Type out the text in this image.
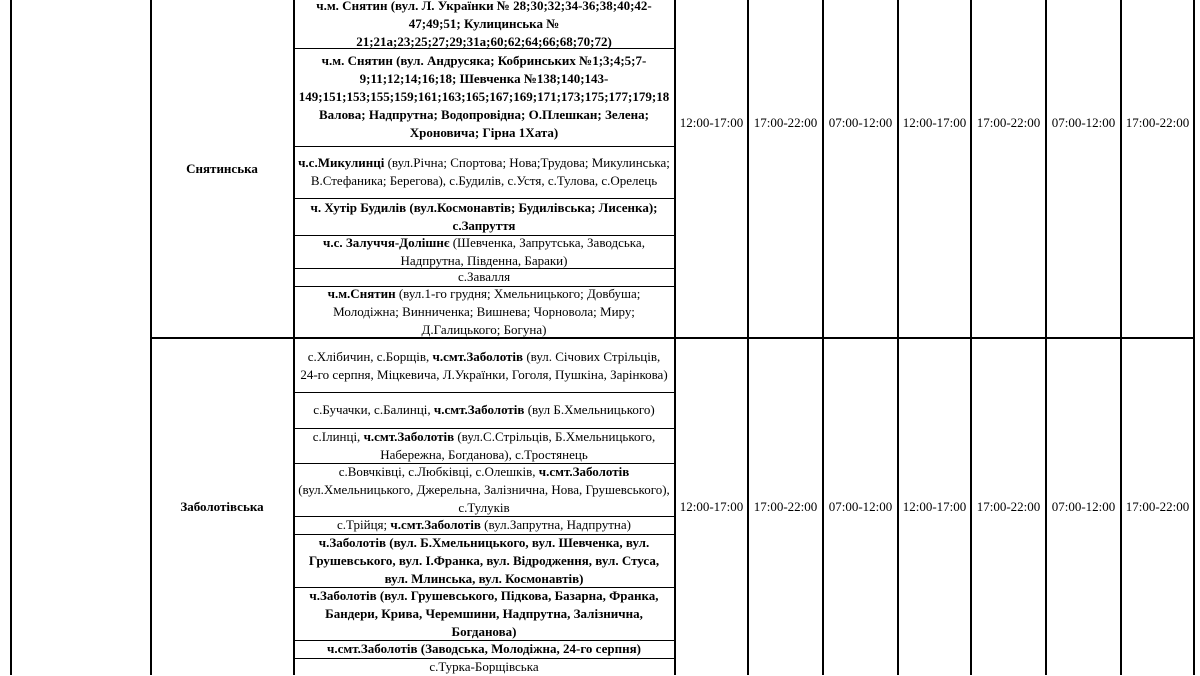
Снятинська
Заболотівська
12:00-17:00 17:00-22:00 07:00-12:00 12:00-17:00 17:00-22:00 07:00-12:00 17:00-22:00
12:00-17:00 17:00-22:00 07:00-12:00 12:00-17:00 17:00-22:00 07:00-12:00 17:00-22:00
ч.м. Снятин (вул. Л. Українки № 28;30;32;34-36;38;40;42-47;49;51; Кулицинська № 21;21а;23;25;27;29;31а;60;62;64;66;68;70;72)
ч.м. Снятин (вул. Андрусяка; Кобринських №1;3;4;5;7-9;11;12;14;16;18; Шевченка №138;140;143-149;151;153;155;159;161;163;165;167;169;171;173;175;177;179;18 Валова; Надпрутна; Водопровідна; О.Плешкан; Зелена; Хроновича; Гірна 1Хата)
ч.с.Микулинці (вул.Річна; Спортова; Нова;Трудова; Микулинська; В.Стефаника; Берегова), с.Будилів, с.Устя, с.Тулова, с.Орелець
ч. Хутір Будилів (вул.Космонавтів; Будилівська; Лисенка); с.Запруття
ч.с. Залуччя-Долішнє (Шевченка, Запрутська, Заводська, Надпрутна, Південна, Бараки)
с.Завалля
ч.м.Снятин (вул.1-го грудня; Хмельницького; Довбуша; Молодіжна; Винниченка; Вишнева; Чорновола; Миру; Д.Галицького; Богуна)
с.Хлібичин, с.Борщів, ч.смт.Заболотів (вул. Січових Стрільців, 24-го серпня, Міцкевича, Л.Українки, Гоголя, Пушкіна, Зарінкова)
с.Бучачки, с.Балинці, ч.смт.Заболотів (вул Б.Хмельницького)
с.Ілинці, ч.смт.Заболотів (вул.С.Стрільців, Б.Хмельницького, Набережна, Богданова), с.Тростянець
с.Вовчківці, с.Любківці, с.Олешків, ч.смт.Заболотів (вул.Хмельницького, Джерельна, Залізнична, Нова, Грушевського), с.Тулуків
с.Трійця; ч.смт.Заболотів (вул.Запрутна, Надпрутна)
ч.Заболотів (вул. Б.Хмельницького, вул. Шевченка, вул. Грушевського, вул. І.Франка, вул. Відродження, вул. Стуса, вул. Млинська, вул. Космонавтів)
ч.Заболотів (вул. Грушевського, Підкова, Базарна, Франка, Бандери, Крива, Черемшини, Надпрутна, Залізнична, Богданова)
ч.смт.Заболотів (Заводська, Молодіжна, 24-го серпня)
с.Турка-Борщівська
